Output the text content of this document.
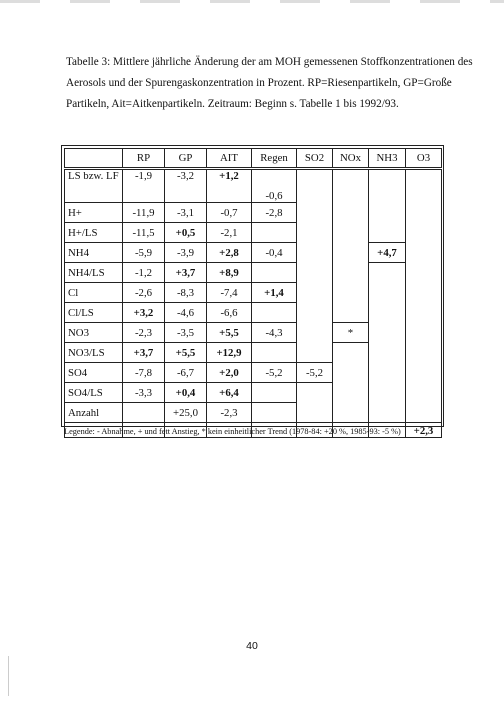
Tabelle 3: Mittlere jährliche Änderung der am MOH gemessenen Stoffkonzentrationen des
Aerosols und der Spurengaskonzentration in Prozent. RP=Riesenpartikeln, GP=Große
Partikeln, Ait=Aitkenpartikeln. Zeitraum: Beginn s. Tabelle 1 bis 1992/93.
	RP	GP	AIT	Regen	SO2	NOx	NH3	O3
LS bzw. LF	-1,9	-3,2	+1,2	-0,6				
H+	-11,9	-3,1	-0,7	-2,8				
H+/LS	-11,5	+0,5	-2,1					
NH4	-5,9	-3,9	+2,8	-0,4			+4,7	
NH4/LS	-1,2	+3,7	+8,9					
Cl	-2,6	-8,3	-7,4	+1,4				
Cl/LS	+3,2	-4,6	-6,6					
NO3	-2,3	-3,5	+5,5	-4,3		*		
NO3/LS	+3,7	+5,5	+12,9					
SO4	-7,8	-6,7	+2,0	-5,2	-5,2			
SO4/LS	-3,3	+0,4	+6,4					
Anzahl		+25,0	-2,3					
								+2,3
Legende: - Abnahme, + und fett Anstieg, * kein einheitlicher Trend (1978-84: +20 %, 1985-93: -5 %)
40
